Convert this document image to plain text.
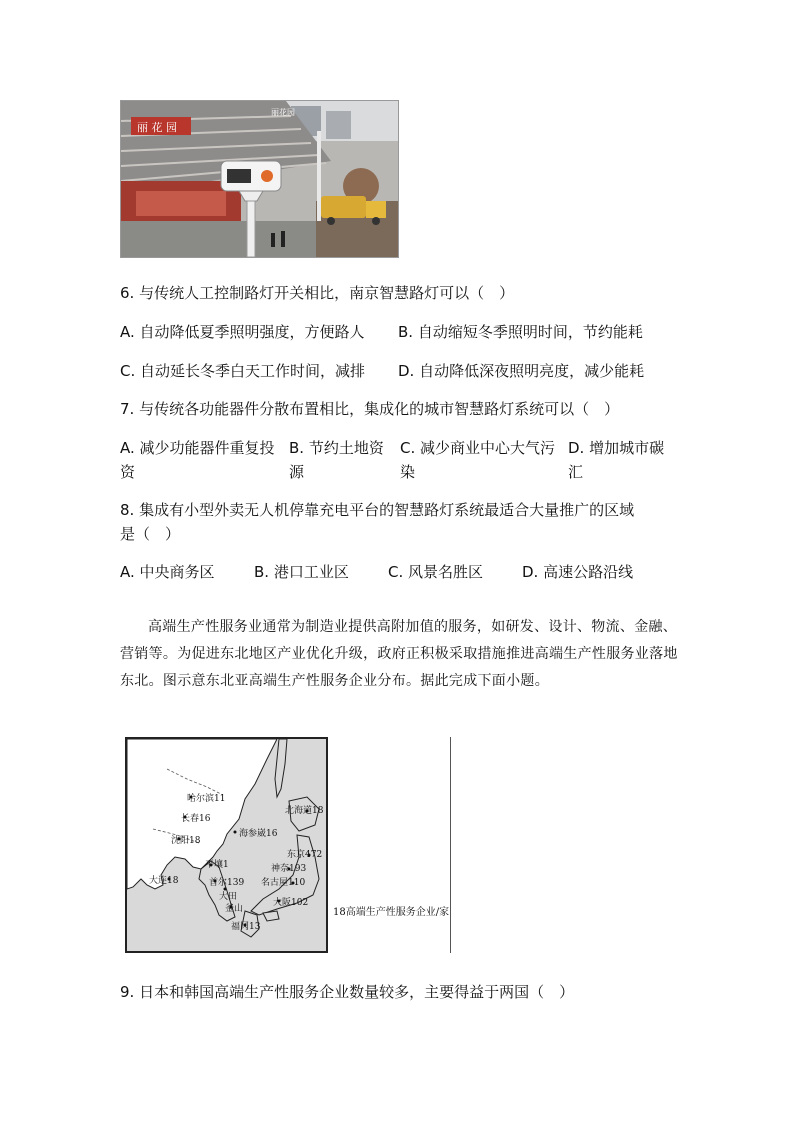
丽 花 园
丽花园
6. 与传统人工控制路灯开关相比，南京智慧路灯可以（　）
A. 自动降低夏季照明强度，方便路人 B. 自动缩短冬季照明时间，节约能耗
C. 自动延长冬季白天工作时间，减排 D. 自动降低深夜照明亮度，减少能耗
7. 与传统各功能器件分散布置相比，集成化的城市智慧路灯系统可以（　）
A. 减少功能器件重复投
资
B. 节约土地资
源
C. 减少商业中心大气污
染
D. 增加城市碳
汇
8. 集成有小型外卖无人机停靠充电平台的智慧路灯系统最适合大量推广的区域
是（　）
A. 中央商务区	B. 港口工业区	C. 风景名胜区	D. 高速公路沿线
高端生产性服务业通常为制造业提供高附加值的服务，如研发、设计、物流、金融、营销等。为促进东北地区产业优化升级，政府正积极采取措施推进高端生产性服务业落地东北。图示意东北亚高端生产性服务企业分布。据此完成下面小题。
哈尔滨11
长春16
沈阳18
海参崴16
北海道18
大连18
平壤1
首尔139
大田
釜山
福冈13
东京472
神奈193
名古屋110
大阪102
18高端生产性服务企业/家
9. 日本和韩国高端生产性服务企业数量较多，主要得益于两国（　）
